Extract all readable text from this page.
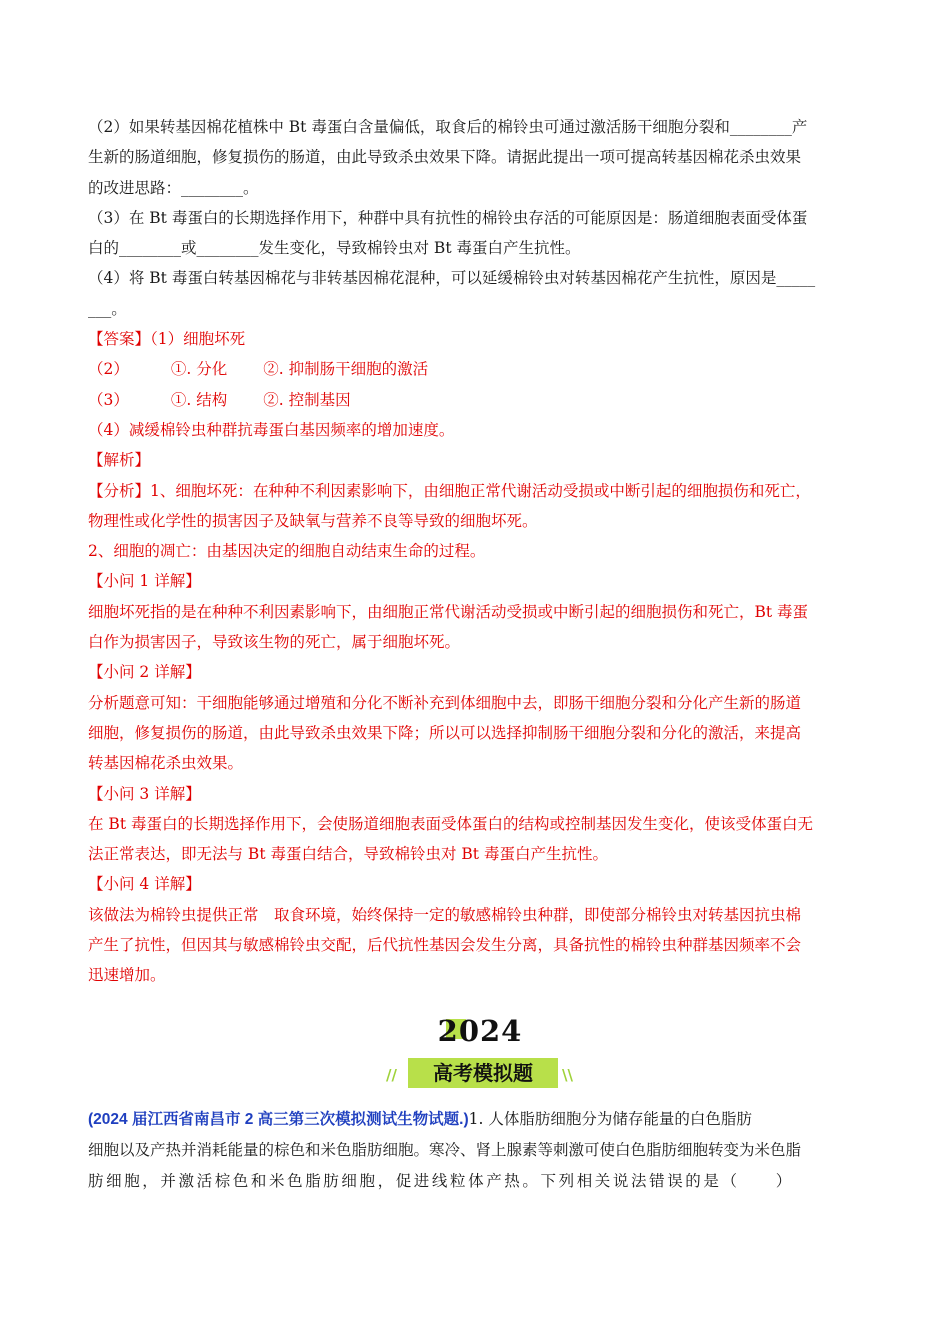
（2）如果转基因棉花植株中 Bt 毒蛋白含量偏低，取食后的棉铃虫可通过激活肠干细胞分裂和________产
生新的肠道细胞，修复损伤的肠道，由此导致杀虫效果下降。请据此提出一项可提高转基因棉花杀虫效果
的改进思路：________。
（3）在 Bt 毒蛋白的长期选择作用下，种群中具有抗性的棉铃虫存活的可能原因是：肠道细胞表面受体蛋
白的________或________发生变化，导致棉铃虫对 Bt 毒蛋白产生抗性。
（4）将 Bt 毒蛋白转基因棉花与非转基因棉花混种，可以延缓棉铃虫对转基因棉花产生抗性，原因是_____
___。
【答案】（1）细胞坏死
（2）	①. 分化 ②. 抑制肠干细胞的激活
（3）	①. 结构 ②. 控制基因
（4）减缓棉铃虫种群抗毒蛋白基因频率的增加速度。
【解析】
【分析】1、细胞坏死：在种种不利因素影响下，由细胞正常代谢活动受损或中断引起的细胞损伤和死亡，
物理性或化学性的损害因子及缺氧与营养不良等导致的细胞坏死。
2、细胞的凋亡：由基因决定的细胞自动结束生命的过程。
【小问 1 详解】
细胞坏死指的是在种种不利因素影响下，由细胞正常代谢活动受损或中断引起的细胞损伤和死亡，Bt 毒蛋
白作为损害因子，导致该生物的死亡，属于细胞坏死。
【小问 2 详解】
分析题意可知：干细胞能够通过增殖和分化不断补充到体细胞中去，即肠干细胞分裂和分化产生新的肠道
细胞，修复损伤的肠道，由此导致杀虫效果下降；所以可以选择抑制肠干细胞分裂和分化的激活，来提高
转基因棉花杀虫效果。
【小问 3 详解】
在 Bt 毒蛋白的长期选择作用下，会使肠道细胞表面受体蛋白的结构或控制基因发生变化，使该受体蛋白无
法正常表达，即无法与 Bt 毒蛋白结合，导致棉铃虫对 Bt 毒蛋白产生抗性。
【小问 4 详解】
该做法为棉铃虫提供正常　取食环境，始终保持一定的敏感棉铃虫种群，即使部分棉铃虫对转基因抗虫棉
产生了抗性，但因其与敏感棉铃虫交配，后代抗性基因会发生分离，具备抗性的棉铃虫种群基因频率不会
迅速增加。
2024
//	高考模拟题	\\
(2024 届江西省南昌市 2 高三第三次模拟测试生物试题.)1. 人体脂肪细胞分为储存能量的白色脂肪
细胞以及产热并消耗能量的棕色和米色脂肪细胞。寒冷、肾上腺素等刺激可使白色脂肪细胞转变为米色脂
肪细胞，并激活棕色和米色脂肪细胞，促进线粒体产热。下列相关说法错误的是（　　）
